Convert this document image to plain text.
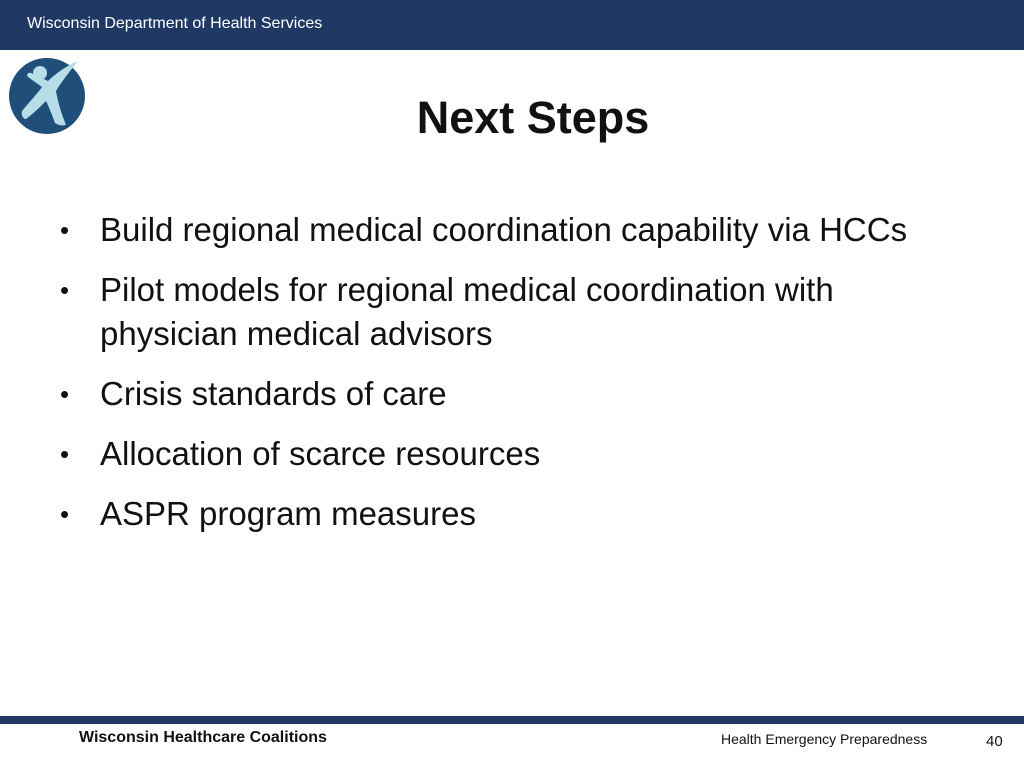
Wisconsin Department of Health Services
Next Steps
• Build regional medical coordination capability via HCCs
• Pilot models for regional medical coordination with physician medical advisors
• Crisis standards of care
• Allocation of scarce resources
• ASPR program measures
Wisconsin Healthcare Coalitions	Health Emergency Preparedness	40
